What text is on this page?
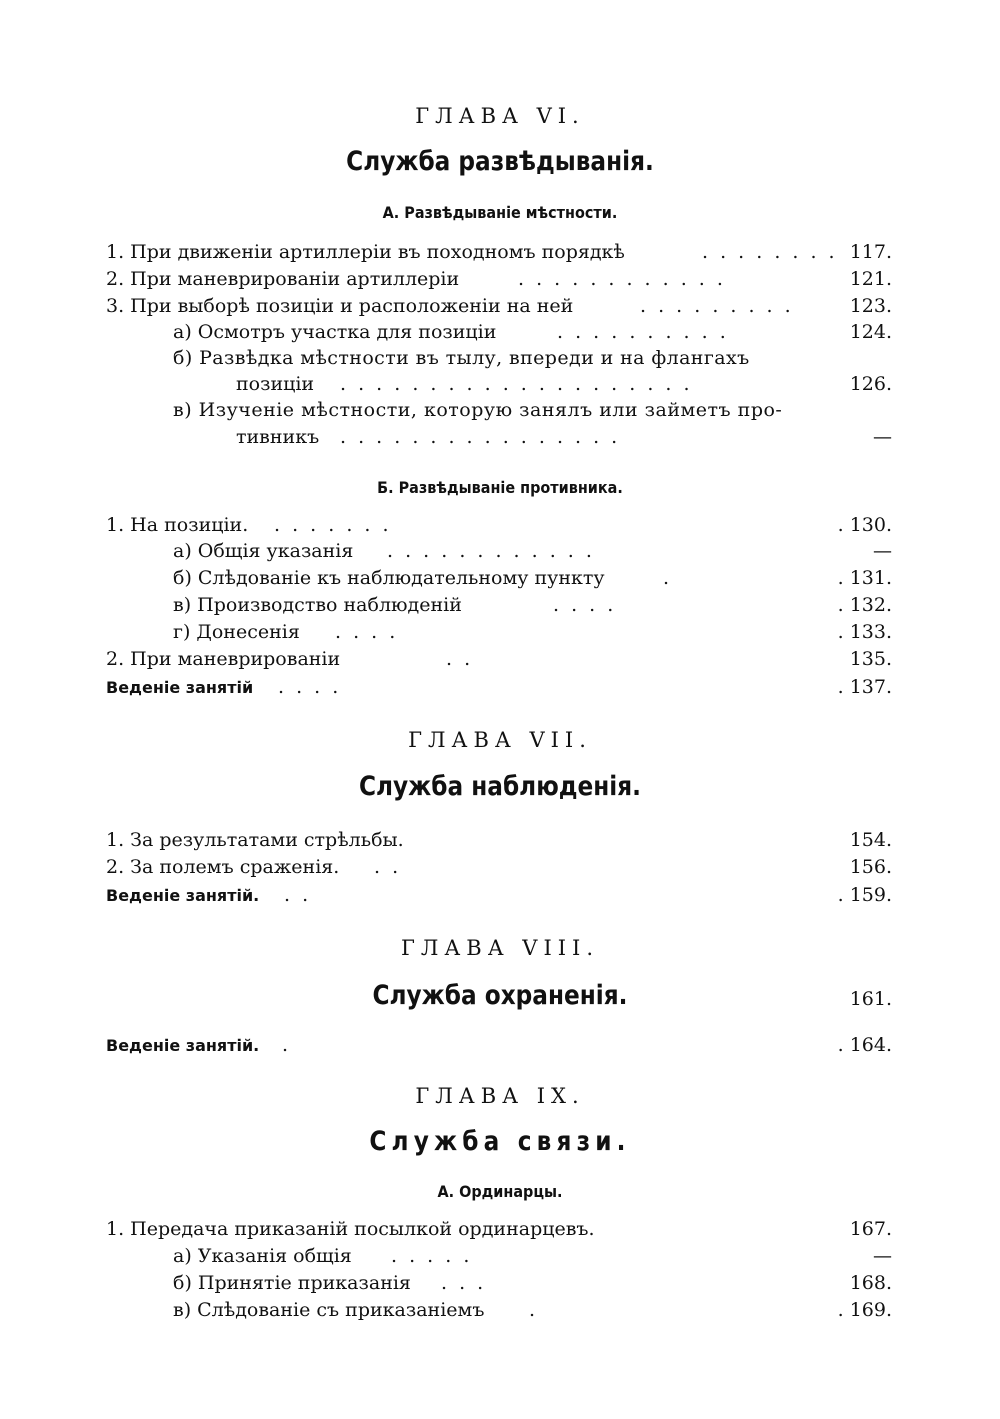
ГЛАВА VI.
Служба развѣдыванія.
А. Развѣдываніе мѣстности.
1. При движеніи артиллеріи въ походномъ порядкѣ	. . . . . . . . 117.
2. При маневрированіи артиллеріи	. . . . . . . . . . . .	121.
3. При выборѣ позиціи и расположеніи на ней	. . . . . . . . .	123.
а) Осмотръ участка для позиціи	. . . . . . . . . .	124.
б) Развѣдка мѣстности въ тылу, впереди и на флангахъ
позиціи . . . . . . . . . . . . . . . . . . . .	126.
в) Изученіе мѣстности, которую занялъ или займетъ про-
тивникъ . . . . . . . . . . . . . . . .	—
Б. Развѣдываніе противника.
1. На позиціи. . . . . . . .	. 130.
а) Общія указанія . . . . . . . . . . . .	—
б) Слѣдованіе къ наблюдательному пункту	.	. 131.
в) Производство наблюденій	. . . .	. 132.
г) Донесенія . . . .	. 133.
2. При маневрированіи	. .	135.
Веденіе занятій . . . .	. 137.
ГЛАВА VII.
Служба наблюденія.
1. За результатами стрѣльбы.	154.
2. За полемъ сраженія. . .	156.
Веденіе занятій. . .	. 159.
ГЛАВА VIII.
Служба охраненія.	161.
Веденіе занятій. .	. 164.
ГЛАВА IX.
Служба связи.
А. Ординарцы.
1. Передача приказаній посылкой ординарцевъ.	167.
а) Указанія общія . . . . .	—
б) Принятіе приказанія . . .	168.
в) Слѣдованіе съ приказаніемъ .	. 169.
